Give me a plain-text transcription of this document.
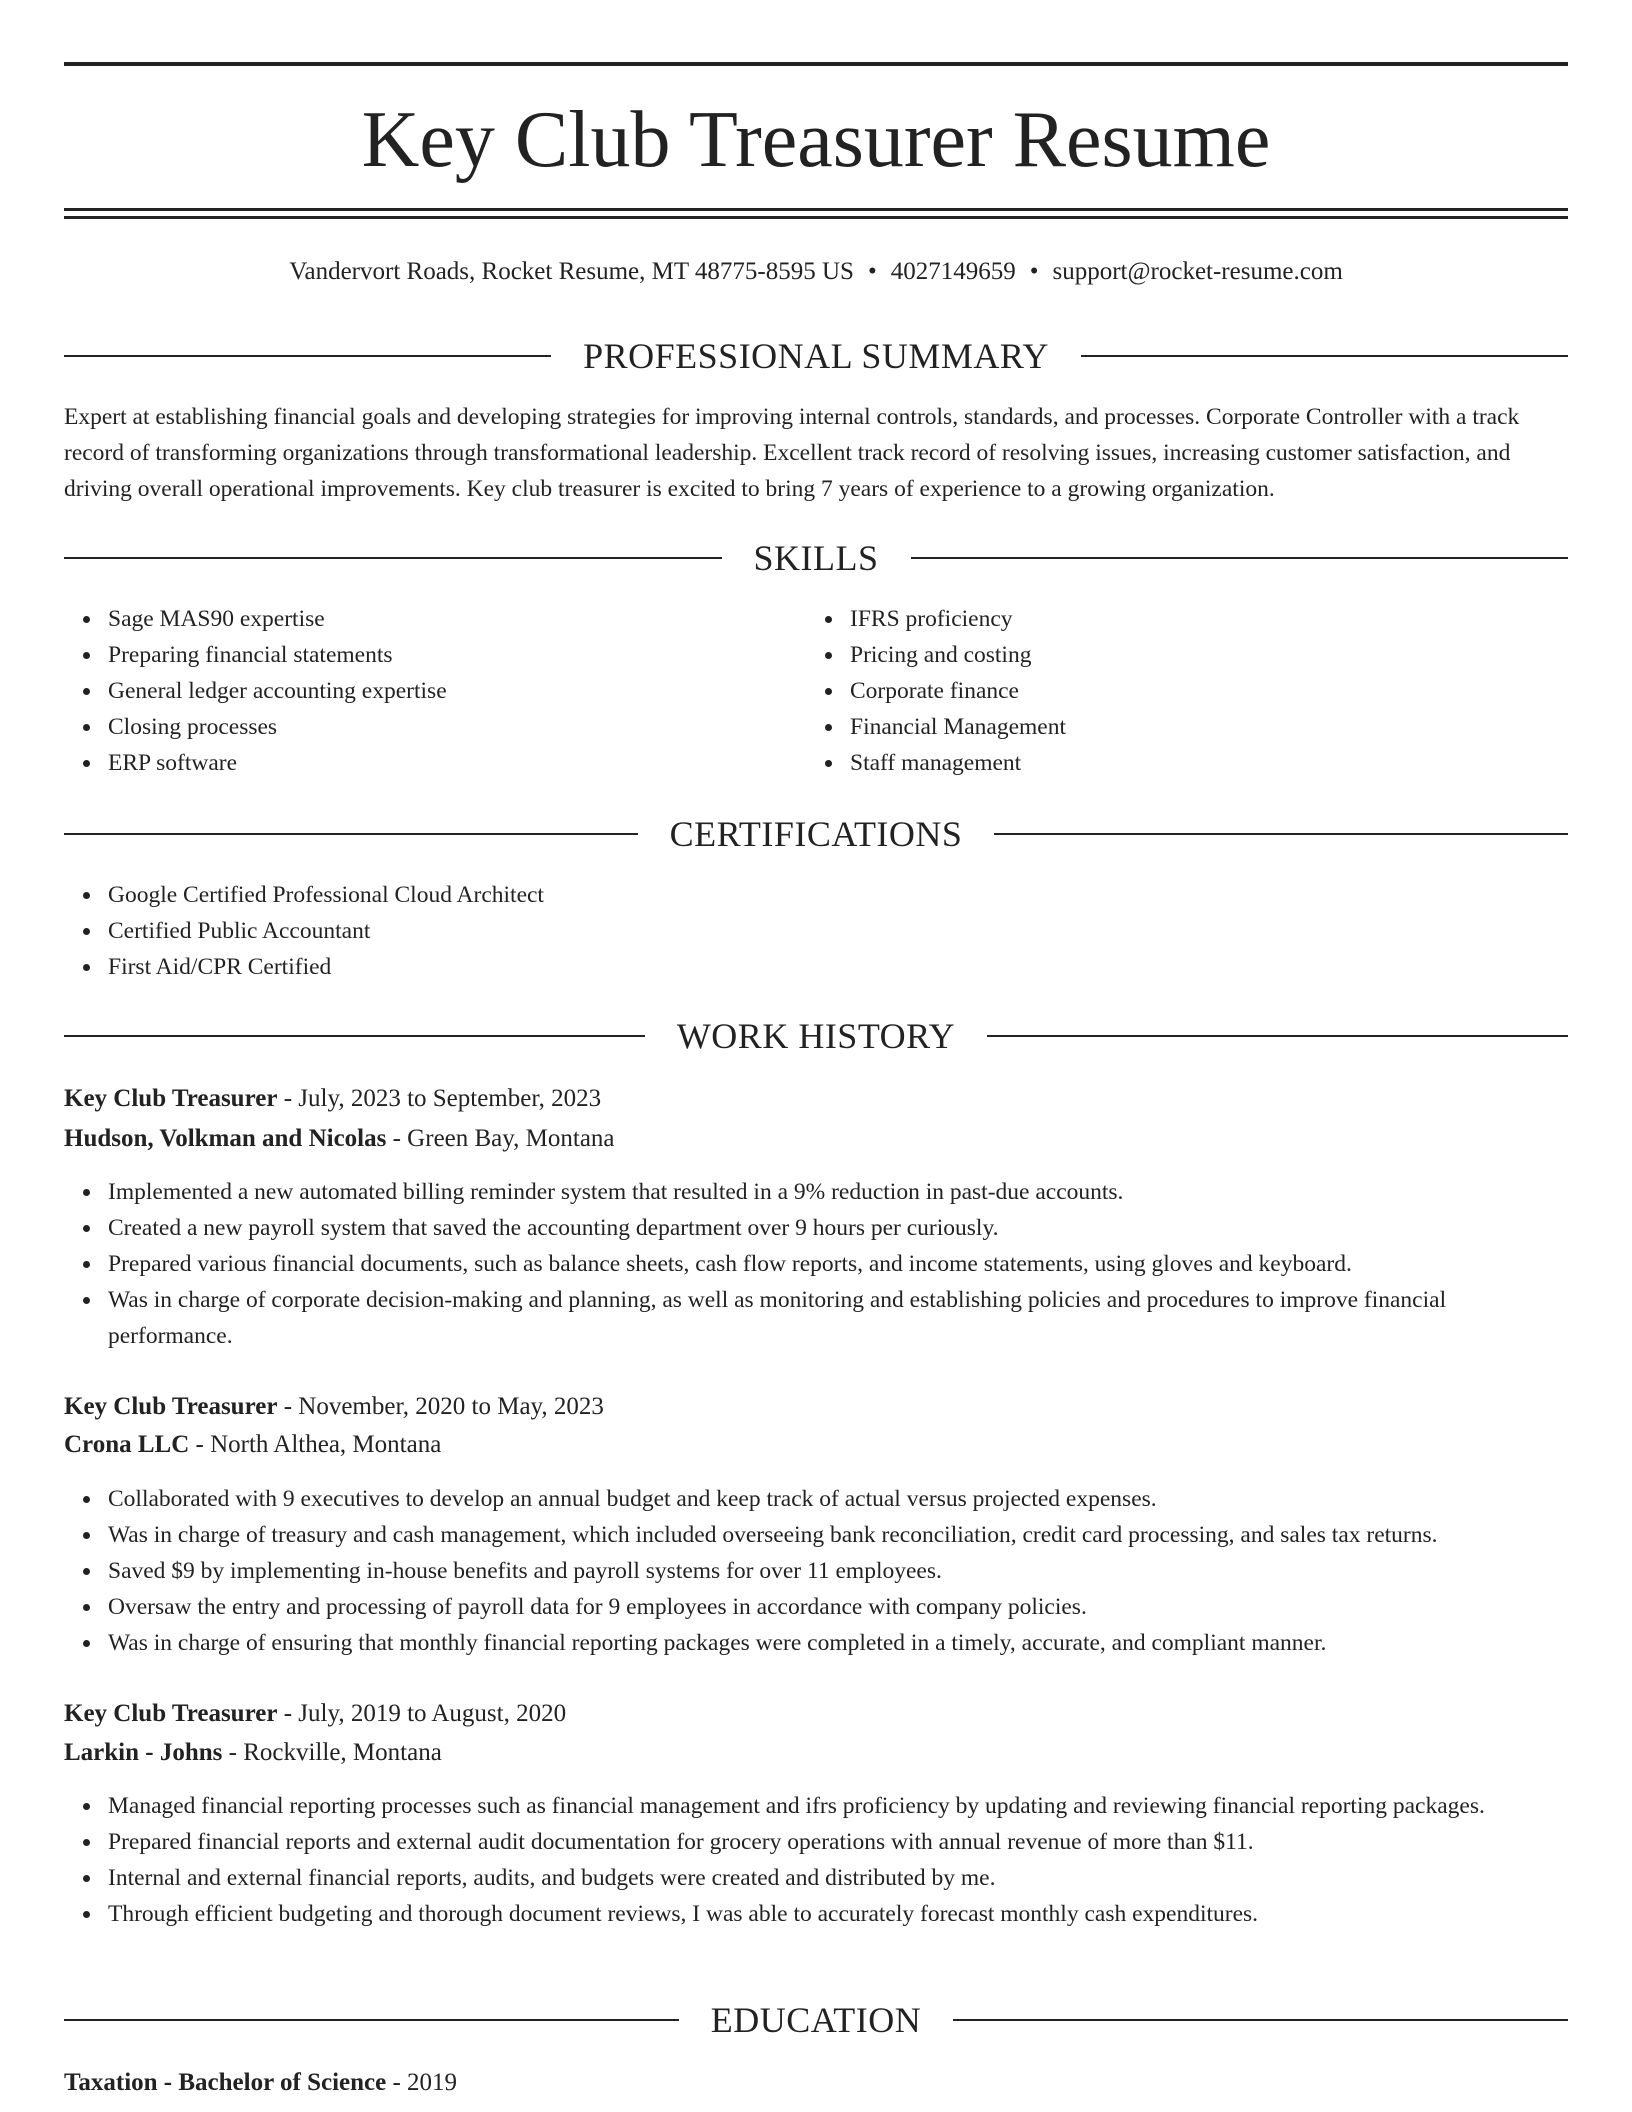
Key Club Treasurer Resume
Vandervort Roads, Rocket Resume, MT 48775-8595 US • 4027149659 • support@rocket-resume.com
PROFESSIONAL SUMMARY

Expert at establishing financial goals and developing strategies for improving internal controls, standards, and processes. Corporate Controller with a track record of transforming organizations through transformational leadership. Excellent track record of resolving issues, increasing customer satisfaction, and driving overall operational improvements. Key club treasurer is excited to bring 7 years of experience to a growing organization.

SKILLS
Sage MAS90 expertise
Preparing financial statements
General ledger accounting expertise
Closing processes
ERP software
IFRS proficiency
Pricing and costing
Corporate finance
Financial Management
Staff management
CERTIFICATIONS
Google Certified Professional Cloud Architect
Certified Public Accountant
First Aid/CPR Certified
WORK HISTORY
Key Club Treasurer - July, 2023 to September, 2023
Hudson, Volkman and Nicolas - Green Bay, Montana
Implemented a new automated billing reminder system that resulted in a 9% reduction in past-due accounts.
Created a new payroll system that saved the accounting department over 9 hours per curiously.
Prepared various financial documents, such as balance sheets, cash flow reports, and income statements, using gloves and keyboard.
Was in charge of corporate decision-making and planning, as well as monitoring and establishing policies and procedures to improve financial performance.
Key Club Treasurer - November, 2020 to May, 2023
Crona LLC - North Althea, Montana
Collaborated with 9 executives to develop an annual budget and keep track of actual versus projected expenses.
Was in charge of treasury and cash management, which included overseeing bank reconciliation, credit card processing, and sales tax returns.
Saved $9 by implementing in-house benefits and payroll systems for over 11 employees.
Oversaw the entry and processing of payroll data for 9 employees in accordance with company policies.
Was in charge of ensuring that monthly financial reporting packages were completed in a timely, accurate, and compliant manner.
Key Club Treasurer - July, 2019 to August, 2020
Larkin - Johns - Rockville, Montana
Managed financial reporting processes such as financial management and ifrs proficiency by updating and reviewing financial reporting packages.
Prepared financial reports and external audit documentation for grocery operations with annual revenue of more than $11.
Internal and external financial reports, audits, and budgets were created and distributed by me.
Through efficient budgeting and thorough document reviews, I was able to accurately forecast monthly cash expenditures.
EDUCATION
Taxation - Bachelor of Science - 2019
